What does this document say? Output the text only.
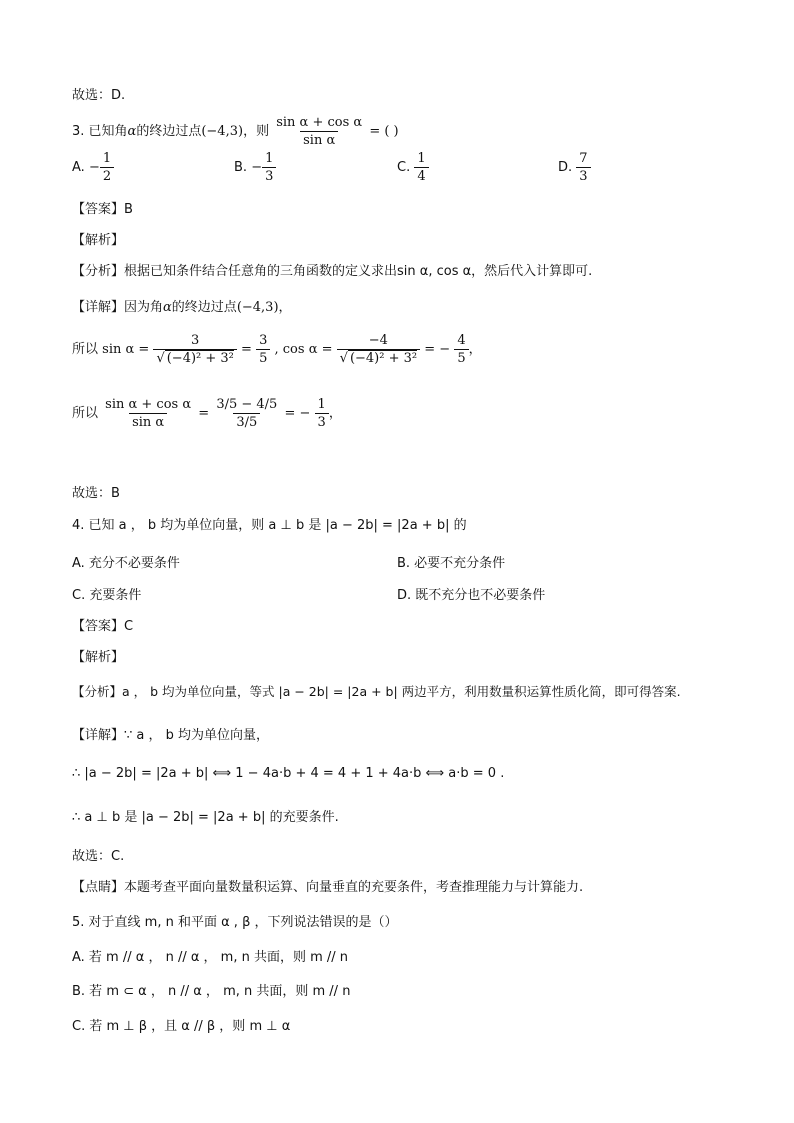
故选：D.
3. 已知角α的终边过点(−4,3)，则 $\frac{\text{sin α + cos α}}{\text{sin α}}$ = ( )
A. − $\frac{1}{2}$	B. − $\frac{1}{3}$	C. $\frac{1}{4}$	D. $\frac{7}{3}$
【答案】B
【解析】
【分析】根据已知条件结合任意角的三角函数的定义求出sin α, cos α，然后代入计算即可.
【详解】因为角α的终边过点(−4,3)，
所以 $\sin \alpha = \frac{3}{\text{√ (−4)² + 3²}} = \frac{3}{5}$ , $\cos \alpha = \frac{-4}{\text{√ (−4)² + 3²}}$ = − $\frac{4}{5}$ ，
所以 $\frac{\text{sin α + cos α}}{\text{sin α}} = \frac{3/5 - 4/5}{3/5}$ = − $\frac{1}{3}$ ，
故选：B
4. 已知 a ， b 均为单位向量，则 a ⊥ b 是 |a − 2b| = |2a + b| 的
A. 充分不必要条件	B. 必要不充分条件
C. 充要条件	D. 既不充分也不必要条件
【答案】C
【解析】
【分析】a ， b 均为单位向量，等式 |a − 2b| = |2a + b| 两边平方，利用数量积运算性质化简，即可得答案.
【详解】∵ a ， b 均为单位向量，
∴ |a − 2b| = |2a + b| ⟺ 1 − 4a·b + 4 = 4 + 1 + 4a·b ⟺ a·b = 0 .
∴ a ⊥ b 是 |a − 2b| = |2a + b| 的充要条件.
故选：C.
【点睛】本题考查平面向量数量积运算、向量垂直的充要条件，考查推理能力与计算能力.
5. 对于直线 m, n 和平面 α , β ，下列说法错误的是（）
A. 若 m // α ， n // α ， m, n 共面，则 m // n
B. 若 m ⊂ α ， n // α ， m, n 共面，则 m // n
C. 若 m ⊥ β ，且 α // β ，则 m ⊥ α
